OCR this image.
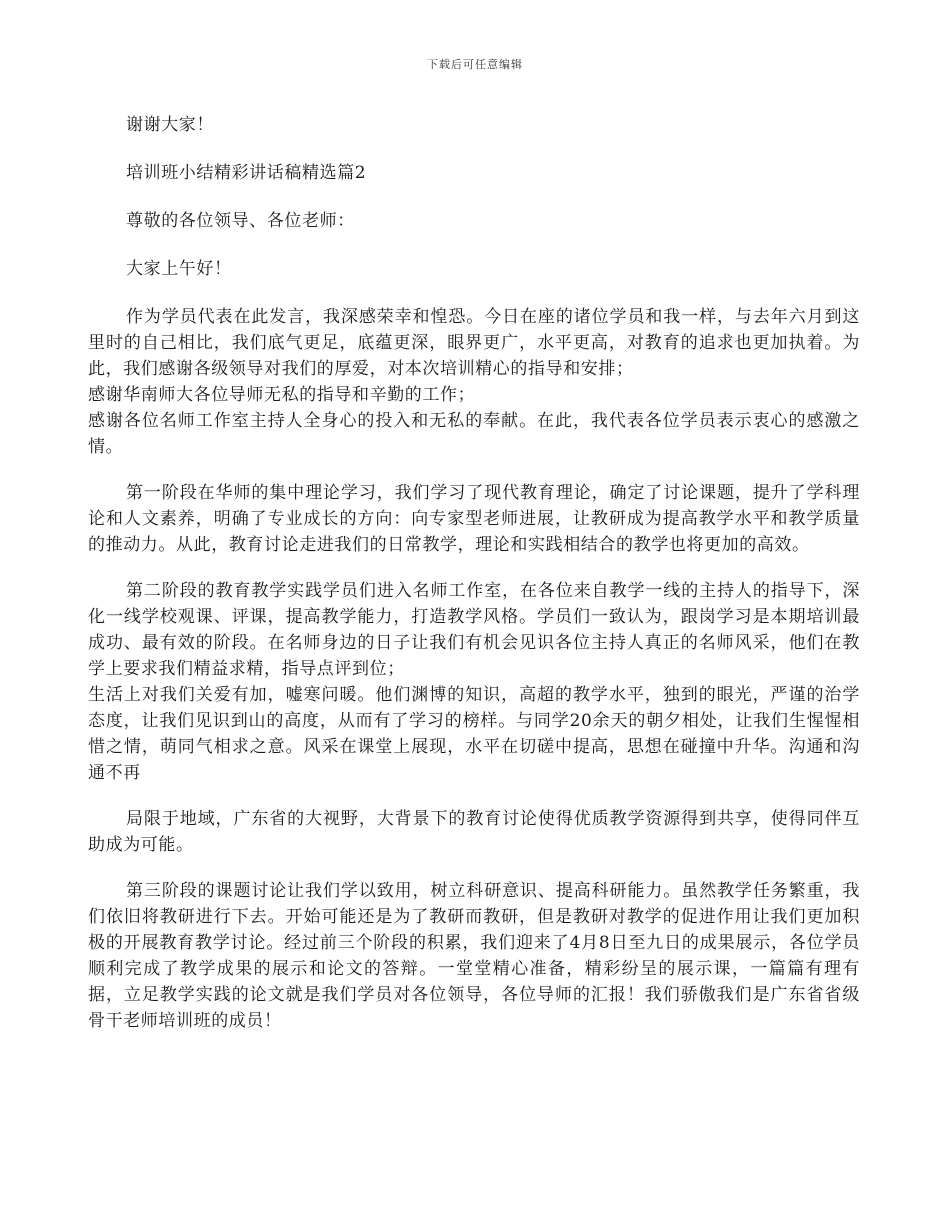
下载后可任意编辑

谢谢大家！

培训班小结精彩讲话稿精选篇2

尊敬的各位领导、各位老师：

大家上午好！

作为学员代表在此发言，我深感荣幸和惶恐。今日在座的诸位学员和我一样，与去年六月到这里时的自己相比，我们底气更足，底蕴更深，眼界更广，水平更高，对教育的追求也更加执着。为此，我们感谢各级领导对我们的厚爱，对本次培训精心的指导和安排；

感谢华南师大各位导师无私的指导和辛勤的工作；

感谢各位名师工作室主持人全身心的投入和无私的奉献。在此，我代表各位学员表示衷心的感激之情。

第一阶段在华师的集中理论学习，我们学习了现代教育理论，确定了讨论课题，提升了学科理论和人文素养，明确了专业成长的方向：向专家型老师进展，让教研成为提高教学水平和教学质量的推动力。从此，教育讨论走进我们的日常教学，理论和实践相结合的教学也将更加的高效。

第二阶段的教育教学实践学员们进入名师工作室，在各位来自教学一线的主持人的指导下，深化一线学校观课、评课，提高教学能力，打造教学风格。学员们一致认为，跟岗学习是本期培训最成功、最有效的阶段。在名师身边的日子让我们有机会见识各位主持人真正的名师风采，他们在教学上要求我们精益求精，指导点评到位；

生活上对我们关爱有加，嘘寒问暖。他们渊博的知识，高超的教学水平，独到的眼光，严谨的治学态度，让我们见识到山的高度，从而有了学习的榜样。与同学20余天的朝夕相处，让我们生惺惺相惜之情，萌同气相求之意。风采在课堂上展现，水平在切磋中提高，思想在碰撞中升华。沟通和沟通不再

局限于地域，广东省的大视野，大背景下的教育讨论使得优质教学资源得到共享，使得同伴互助成为可能。

第三阶段的课题讨论让我们学以致用，树立科研意识、提高科研能力。虽然教学任务繁重，我们依旧将教研进行下去。开始可能还是为了教研而教研，但是教研对教学的促进作用让我们更加积极的开展教育教学讨论。经过前三个阶段的积累，我们迎来了4月8日至九日的成果展示，各位学员顺利完成了教学成果的展示和论文的答辩。一堂堂精心准备，精彩纷呈的展示课，一篇篇有理有据，立足教学实践的论文就是我们学员对各位领导，各位导师的汇报！我们骄傲我们是广东省省级骨干老师培训班的成员！
